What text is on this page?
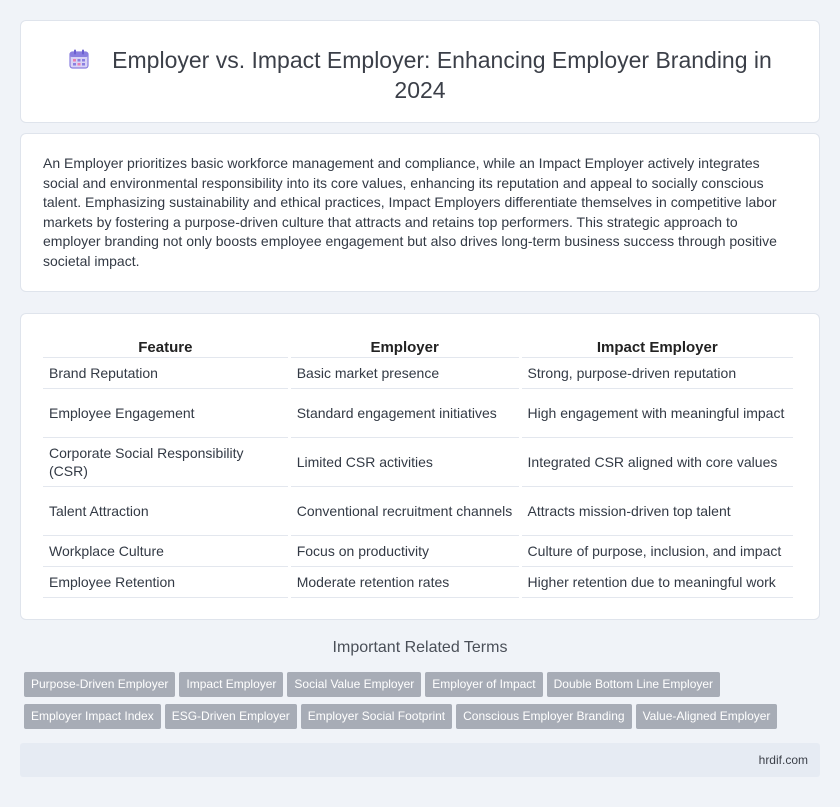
Employer vs. Impact Employer: Enhancing Employer Branding in 2024

An Employer prioritizes basic workforce management and compliance, while an Impact Employer actively integrates social and environmental responsibility into its core values, enhancing its reputation and appeal to socially conscious talent. Emphasizing sustainability and ethical practices, Impact Employers differentiate themselves in competitive labor markets by fostering a purpose-driven culture that attracts and retains top performers. This strategic approach to employer branding not only boosts employee engagement but also drives long-term business success through positive societal impact.

Feature	Employer	Impact Employer
Brand Reputation	Basic market presence	Strong, purpose-driven reputation
Employee Engagement	Standard engagement initiatives	High engagement with meaningful impact
Corporate Social Responsibility (CSR)	Limited CSR activities	Integrated CSR aligned with core values
Talent Attraction	Conventional recruitment channels	Attracts mission-driven top talent
Workplace Culture	Focus on productivity	Culture of purpose, inclusion, and impact
Employee Retention	Moderate retention rates	Higher retention due to meaningful work
Important Related Terms
Purpose-Driven Employer Impact Employer Social Value Employer Employer of Impact Double Bottom Line Employer
Employer Impact Index ESG-Driven Employer Employer Social Footprint Conscious Employer Branding Value-Aligned Employer
hrdif.com
